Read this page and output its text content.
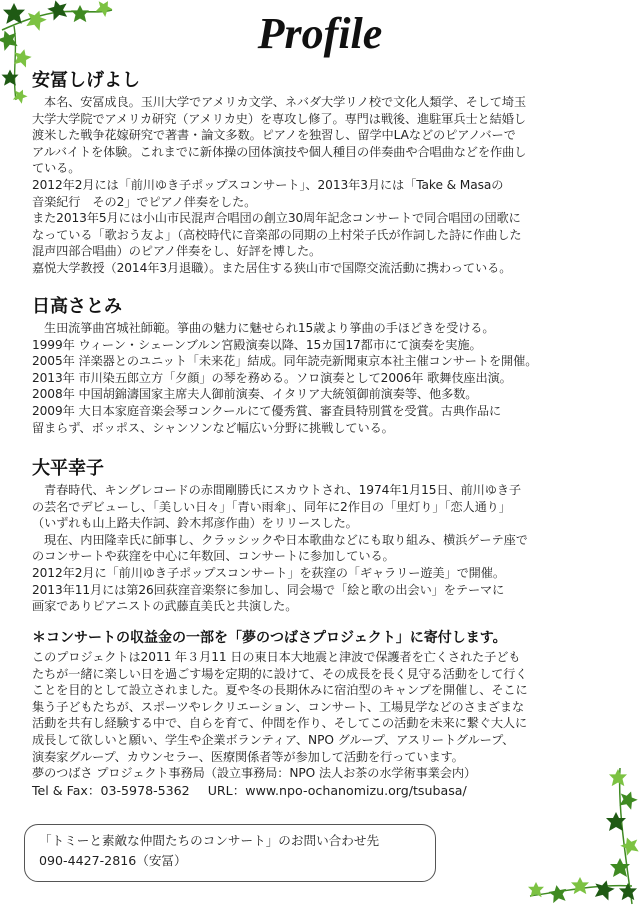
Profile
安冨しげよし
本名、安冨成良。玉川大学でアメリカ文学、ネバダ大学リノ校で文化人類学、そして埼玉
大学大学院でアメリカ研究（アメリカ史）を専攻し修了。専門は戦後、進駐軍兵士と結婚し
渡米した戦争花嫁研究で著書・論文多数。ピアノを独習し、留学中LAなどのピアノバーで
アルバイトを体験。これまでに新体操の団体演技や個人種目の伴奏曲や合唱曲などを作曲し
ている。
2012年2月には「前川ゆき子ポップスコンサート」、2013年3月には「Take & Masaの
音楽紀行　その2」でピアノ伴奏をした。
また2013年5月には小山市民混声合唱団の創立30周年記念コンサートで同合唱団の団歌に
なっている「歌おう友よ」（高校時代に音楽部の同期の上村栄子氏が作詞した詩に作曲した
混声四部合唱曲）のピアノ伴奏をし、好評を博した。
嘉悦大学教授（2014年3月退職）。また居住する狭山市で国際交流活動に携わっている。
日高さとみ
生田流箏曲宮城社師範。箏曲の魅力に魅せられ15歳より箏曲の手ほどきを受ける。
1999年 ウィーン・シェーンブルン宮殿演奏以降、15カ国17都市にて演奏を実施。
2005年 洋楽器とのユニット「未来花」結成。同年読売新聞東京本社主催コンサートを開催。
2013年 市川染五郎立方「夕顔」の琴を務める。ソロ演奏として2006年 歌舞伎座出演。
2008年 中国胡錦濤国家主席夫人御前演奏、イタリア大統領御前演奏等、他多数。
2009年 大日本家庭音楽会琴コンクールにて優秀賞、審査員特別賞を受賞。古典作品に
留まらず、ボッポス、シャンソンなど幅広い分野に挑戦している。
大平幸子
青春時代、キングレコードの赤間剛勝氏にスカウトされ、1974年1月15日、前川ゆき子
の芸名でデビューし、「美しい日々」「青い雨傘」、同年に2作目の「里灯り」「恋人通り」
（いずれも山上路夫作詞、鈴木邦彦作曲）をリリースした。
現在、内田隆幸氏に師事し、クラッシックや日本歌曲などにも取り組み、横浜ゲーテ座で
のコンサートや荻窪を中心に年数回、コンサートに参加している。
2012年2月に「前川ゆき子ポップスコンサート」を荻窪の「ギャラリー遊美」で開催。
2013年11月には第26回荻窪音楽祭に参加し、同会場で「絵と歌の出会い」をテーマに
画家でありピアニストの武藤直美氏と共演した。
＊コンサートの収益金の一部を「夢のつばさプロジェクト」に寄付します。
このプロジェクトは2011 年３月11 日の東日本大地震と津波で保護者を亡くされた子ども
たちが一緒に楽しい日を過ごす場を定期的に設けて、その成長を長く見守る活動をして行く
ことを目的として設立されました。夏や冬の長期休みに宿泊型のキャンプを開催し、そこに
集う子どもたちが、スポーツやレクリエーション、コンサート、工場見学などのさまざまな
活動を共有し経験する中で、自らを育て、仲間を作り、そしてこの活動を未来に繋ぐ大人に
成長して欲しいと願い、学生や企業ボランティア、NPO グループ、アスリートグループ、
演奏家グループ、カウンセラー、医療関係者等が参加して活動を行っています。
夢のつばさ プロジェクト事務局（設立事務局：NPO 法人お茶の水学術事業会内）
Tel & Fax：03-5978-5362 URL：www.npo-ochanomizu.org/tsubasa/
「トミーと素敵な仲間たちのコンサート」のお問い合わせ先
090-4427-2816（安冨）
